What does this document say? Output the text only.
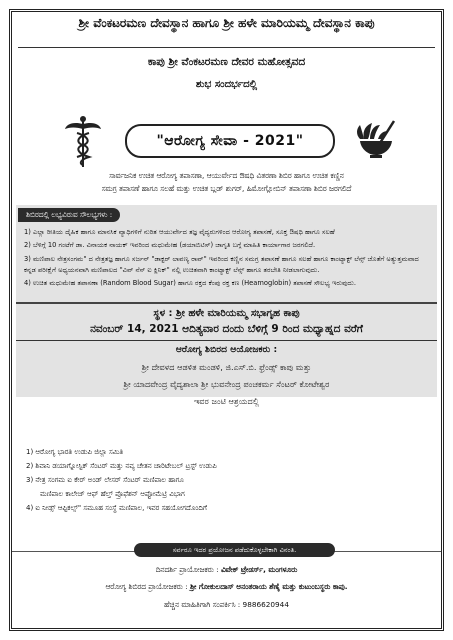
ಶ್ರೀ ವೆಂಕಟರಮಣ ದೇವಸ್ಥಾನ ಹಾಗೂ ಶ್ರೀ ಹಳೇ ಮಾರಿಯಮ್ಮ ದೇವಸ್ಥಾನ ಕಾಪು
ಕಾಪು ಶ್ರೀ ವೆಂಕಟರಮಣ ದೇವರ ಮಹೋತ್ಸವದ
ಶುಭ ಸಂದರ್ಭದಲ್ಲಿ
"ಆರೋಗ್ಯ ಸೇವಾ - 2021"
ಸಾರ್ವಜನಿಕ ಉಚಿತ ಆರೋಗ್ಯ ತಪಾಸಣಾ, ಆಯುರ್ವೇದ ಔಷಧಿ ವಿತರಣಾ ಶಿಬಿರ ಹಾಗೂ ಉಚಿತ ಕಣ್ಣಿನ
ಸಮಗ್ರ ತಪಾಸಣೆ ಹಾಗೂ ಸಲಹೆ ಮತ್ತು ಉಚಿತ ಬ್ಲಡ್ ಶುಗರ್, ಹಿಮೋಗ್ಲೋಬಿನ್ ತಪಾಸಣಾ ಶಿಬಿರ ಜರಗಲಿದೆ
ಶಿಬಿರದಲ್ಲಿ ಲಭ್ಯವಿರುವ ಸೌಲಭ್ಯಗಳು :
1) ಎಲ್ಲಾ ರೀತಿಯ ದೈಹಿಕ ಹಾಗೂ ಮಾನಸಿಕ ವ್ಯಾಧಿಗಳಿಗೆ ನುರಿತ ಆಯುರ್ವೇದ ತಜ್ಞ ವೈದ್ಯರುಗಳಿಂದ ಆರೋಗ್ಯ ತಪಾಸಣೆ, ಸೂಕ್ತ ಔಷಧಿ ಹಾಗೂ ಸಲಹೆ
2) ಬೆಳಿಗ್ಗೆ 10 ಗಂಟೆಗೆ ಡಾ. ವಿನಾಯಕ ನಾಯಕ್ ಇವರಿಂದ ಮಧುಮೇಹ (ಡಯಾಬಿಟಿಸ್) ಜಾಗೃತಿ ಬಗ್ಗೆ ಮಾಹಿತಿ ಕಾರ್ಯಾಗಾರ ಜರಗಲಿದೆ.
3) ಮಣಿಪಾಲ ನೇತ್ರಸಂಗಮ" ದ ನೇತ್ರತಜ್ಞ ಹಾಗೂ ಸರ್ಜನ್ "ಡಾಕ್ಟರ್ ಲಾವಣ್ಯ ರಾವ್" ಇವರಿಂದ ಕಣ್ಣಿನ ಸಮಗ್ರ ತಪಾಸಣೆ ಹಾಗೂ ಸಲಹೆ ಹಾಗೂ ಕಾಂಟ್ಯಾಕ್ಟ್ ಲೆನ್ಸ್ ಜೊತೆಗೆ ಅತ್ಯುತ್ತಮವಾದ ಕನ್ನಡ ಪರೀಕ್ಷೆಗೆ ಅಧ್ಯಯನವಾಗಿ ಮಣಿಪಾಲದ "ವಿವ್ ನೆಸ್ ಐ ಕ್ಲಿನಿಕ್" ನಲ್ಲಿ ಉಚಿತವಾಗಿ ಕಾಂಟ್ಯಾಕ್ಟ್ ಲೆನ್ಸ್ ಹಾಗೂ ತರಬೇತಿ ನೀಡಲಾಗುವುದು.
4) ಉಚಿತ ಮಧುಮೇಹ ತಪಾಸಣಾ (Random Blood Sugar) ಹಾಗೂ ರಕ್ತದ ಕೆಂಪು ರಕ್ತ ಕಣ (Heamoglobin) ತಪಾಸಣೆ ಸೌಲಭ್ಯ ಇರುವುದು.
ಸ್ಥಳ : ಶ್ರೀ ಹಳೇ ಮಾರಿಯಮ್ಮ ಸಭಾಗೃಹ ಕಾಪು
ನವಂಬರ್ 14, 2021 ಆದಿತ್ಯವಾರ ದಂದು ಬೆಳಿಗ್ಗೆ 9 ರಿಂದ ಮಧ್ಯಾಹ್ನದ ವರೆಗೆ
ಆರೋಗ್ಯ ಶಿಬಿರದ ಆಯೋಜಕರು :
ಶ್ರೀ ದೇವಳದ ಆಡಳಿತ ಮಂಡಳಿ, ಜಿ.ಎಸ್.ಬಿ. ಫ್ರೆಂಡ್ಸ್ ಕಾಪು ಮತ್ತು
ಶ್ರೀ ಯಾದವೇಂದ್ರ ವೈದ್ಯಶಾಲಾ ಶ್ರೀ ಭುವನೇಂದ್ರ ಪಂಚಕರ್ಮ ಸೆಂಟರ್ ಕೋಟೇಶ್ವರ
ಇವರ ಜಂಟಿ ಆಶ್ರಯದಲ್ಲಿ
1) ಆರೋಗ್ಯ ಭಾರತಿ ಉಡುಪಿ ಜಿಲ್ಲಾ ಸಮಿತಿ
2) ಶಿವಾನಿ ಡಯಾಗ್ನೋಸ್ಟಿಕ್ ಸೆಂಟರ್ ಮತ್ತು ನವ್ಯ ಚೇತನ ಚಾರಿಟೇಬಲ್ ಟ್ರಸ್ಟ್ ಉಡುಪಿ
3) ನೇತ್ರ ಸಂಗಮ ಐ ಕೇರ್ ಅಂಡ್ ಲೇಸರ್ ಸೆಂಟರ್ ಮಣಿಪಾಲ ಹಾಗೂ
ಮಣಿಪಾಲ ಕಾಲೇಜ್ ಆಫ್ ಹೆಲ್ತ್ ಪ್ರೊಫೆಶನ್ ಆಪ್ಟೋಮೆಟ್ರಿ ವಿಭಾಗ
4) ಐ ನೀಡ್ಸ್ ಆಪ್ಟಿಕಲ್ಸ್" ಸಮೂಹ ಸಂಸ್ಥೆ ಮಣಿಪಾಲ, ಇವರ ಸಹಯೋಗದೊಂದಿಗೆ
ಸರ್ವರೂ ಇದರ ಪ್ರಯೋಜನ ಪಡೆದುಕೊಳ್ಳಬೇಕಾಗಿ ವಿನಂತಿ.
ದಿನದರ್ಶಿ ಪ್ರಾಯೋಜಕರು : ವಿವೇಕ್ ಟ್ರೇಡರ್ಸ್, ಮಂಗಳೂರು
ಆರೋಗ್ಯ ಶಿಬಿರದ ಪ್ರಾಯೋಜಕರು : ಶ್ರೀ ಗೋಕುಲದಾಸ್ ಅನಂತರಾಯ ಶೆಣೈ ಮತ್ತು ಕುಟುಂಬಸ್ಥರು ಕಾಪು.
ಹೆಚ್ಚಿನ ಮಾಹಿತಿಗಾಗಿ ಸಂಪರ್ಕಿಸಿ : 9886620944
